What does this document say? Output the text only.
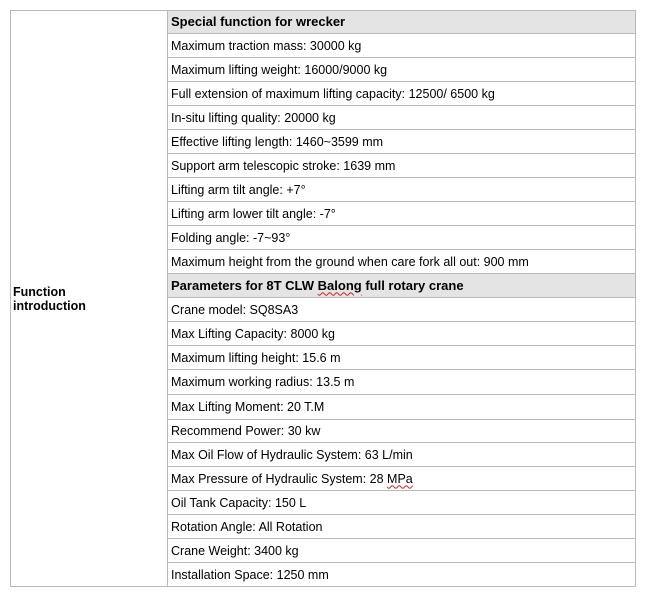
Function
introduction
	Special function for wrecker
Maximum traction mass: 30000 kg
Maximum lifting weight: 16000/9000 kg
Full extension of maximum lifting capacity: 12500/ 6500 kg
In-situ lifting quality: 20000 kg
Effective lifting length: 1460~3599 mm
Support arm telescopic stroke: 1639 mm
Lifting arm tilt angle: +7°
Lifting arm lower tilt angle: -7°
Folding angle: -7~93°
Maximum height from the ground when care fork all out: 900 mm
Parameters for 8T CLW Balong full rotary crane
Crane model: SQ8SA3
Max Lifting Capacity: 8000 kg
Maximum lifting height: 15.6 m
Maximum working radius: 13.5 m
Max Lifting Moment: 20 T.M
Recommend Power: 30 kw
Max Oil Flow of Hydraulic System: 63 L/min
Max Pressure of Hydraulic System: 28 MPa
Oil Tank Capacity: 150 L
Rotation Angle: All Rotation
Crane Weight: 3400 kg
Installation Space: 1250 mm
